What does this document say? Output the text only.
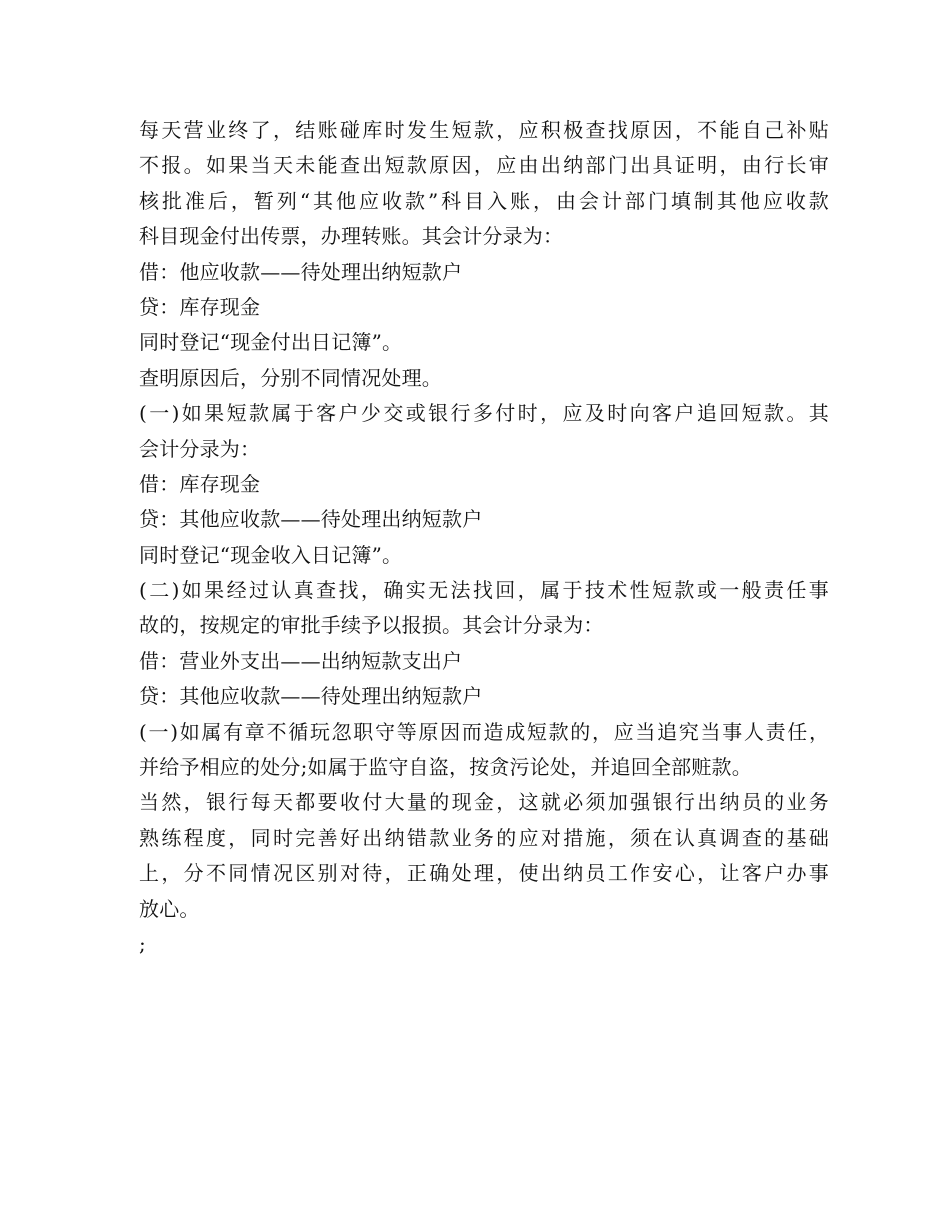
每天营业终了，结账碰库时发生短款，应积极查找原因，不能自己补贴
不报。如果当天未能查出短款原因，应由出纳部门出具证明，由行长审
核批准后，暂列“其他应收款”科目入账，由会计部门填制其他应收款
科目现金付出传票，办理转账。其会计分录为：
借：他应收款——待处理出纳短款户
贷：库存现金
同时登记“现金付出日记簿”。
查明原因后，分别不同情况处理。
(一)如果短款属于客户少交或银行多付时，应及时向客户追回短款。其
会计分录为：
借：库存现金
贷：其他应收款——待处理出纳短款户
同时登记“现金收入日记簿”。
(二)如果经过认真查找，确实无法找回，属于技术性短款或一般责任事
故的，按规定的审批手续予以报损。其会计分录为：
借：营业外支出——出纳短款支出户
贷：其他应收款——待处理出纳短款户
(一)如属有章不循玩忽职守等原因而造成短款的，应当追究当事人责任，
并给予相应的处分;如属于监守自盗，按贪污论处，并追回全部赃款。
当然，银行每天都要收付大量的现金，这就必须加强银行出纳员的业务
熟练程度，同时完善好出纳错款业务的应对措施，须在认真调查的基础
上，分不同情况区别对待，正确处理，使出纳员工作安心，让客户办事
放心。
;
